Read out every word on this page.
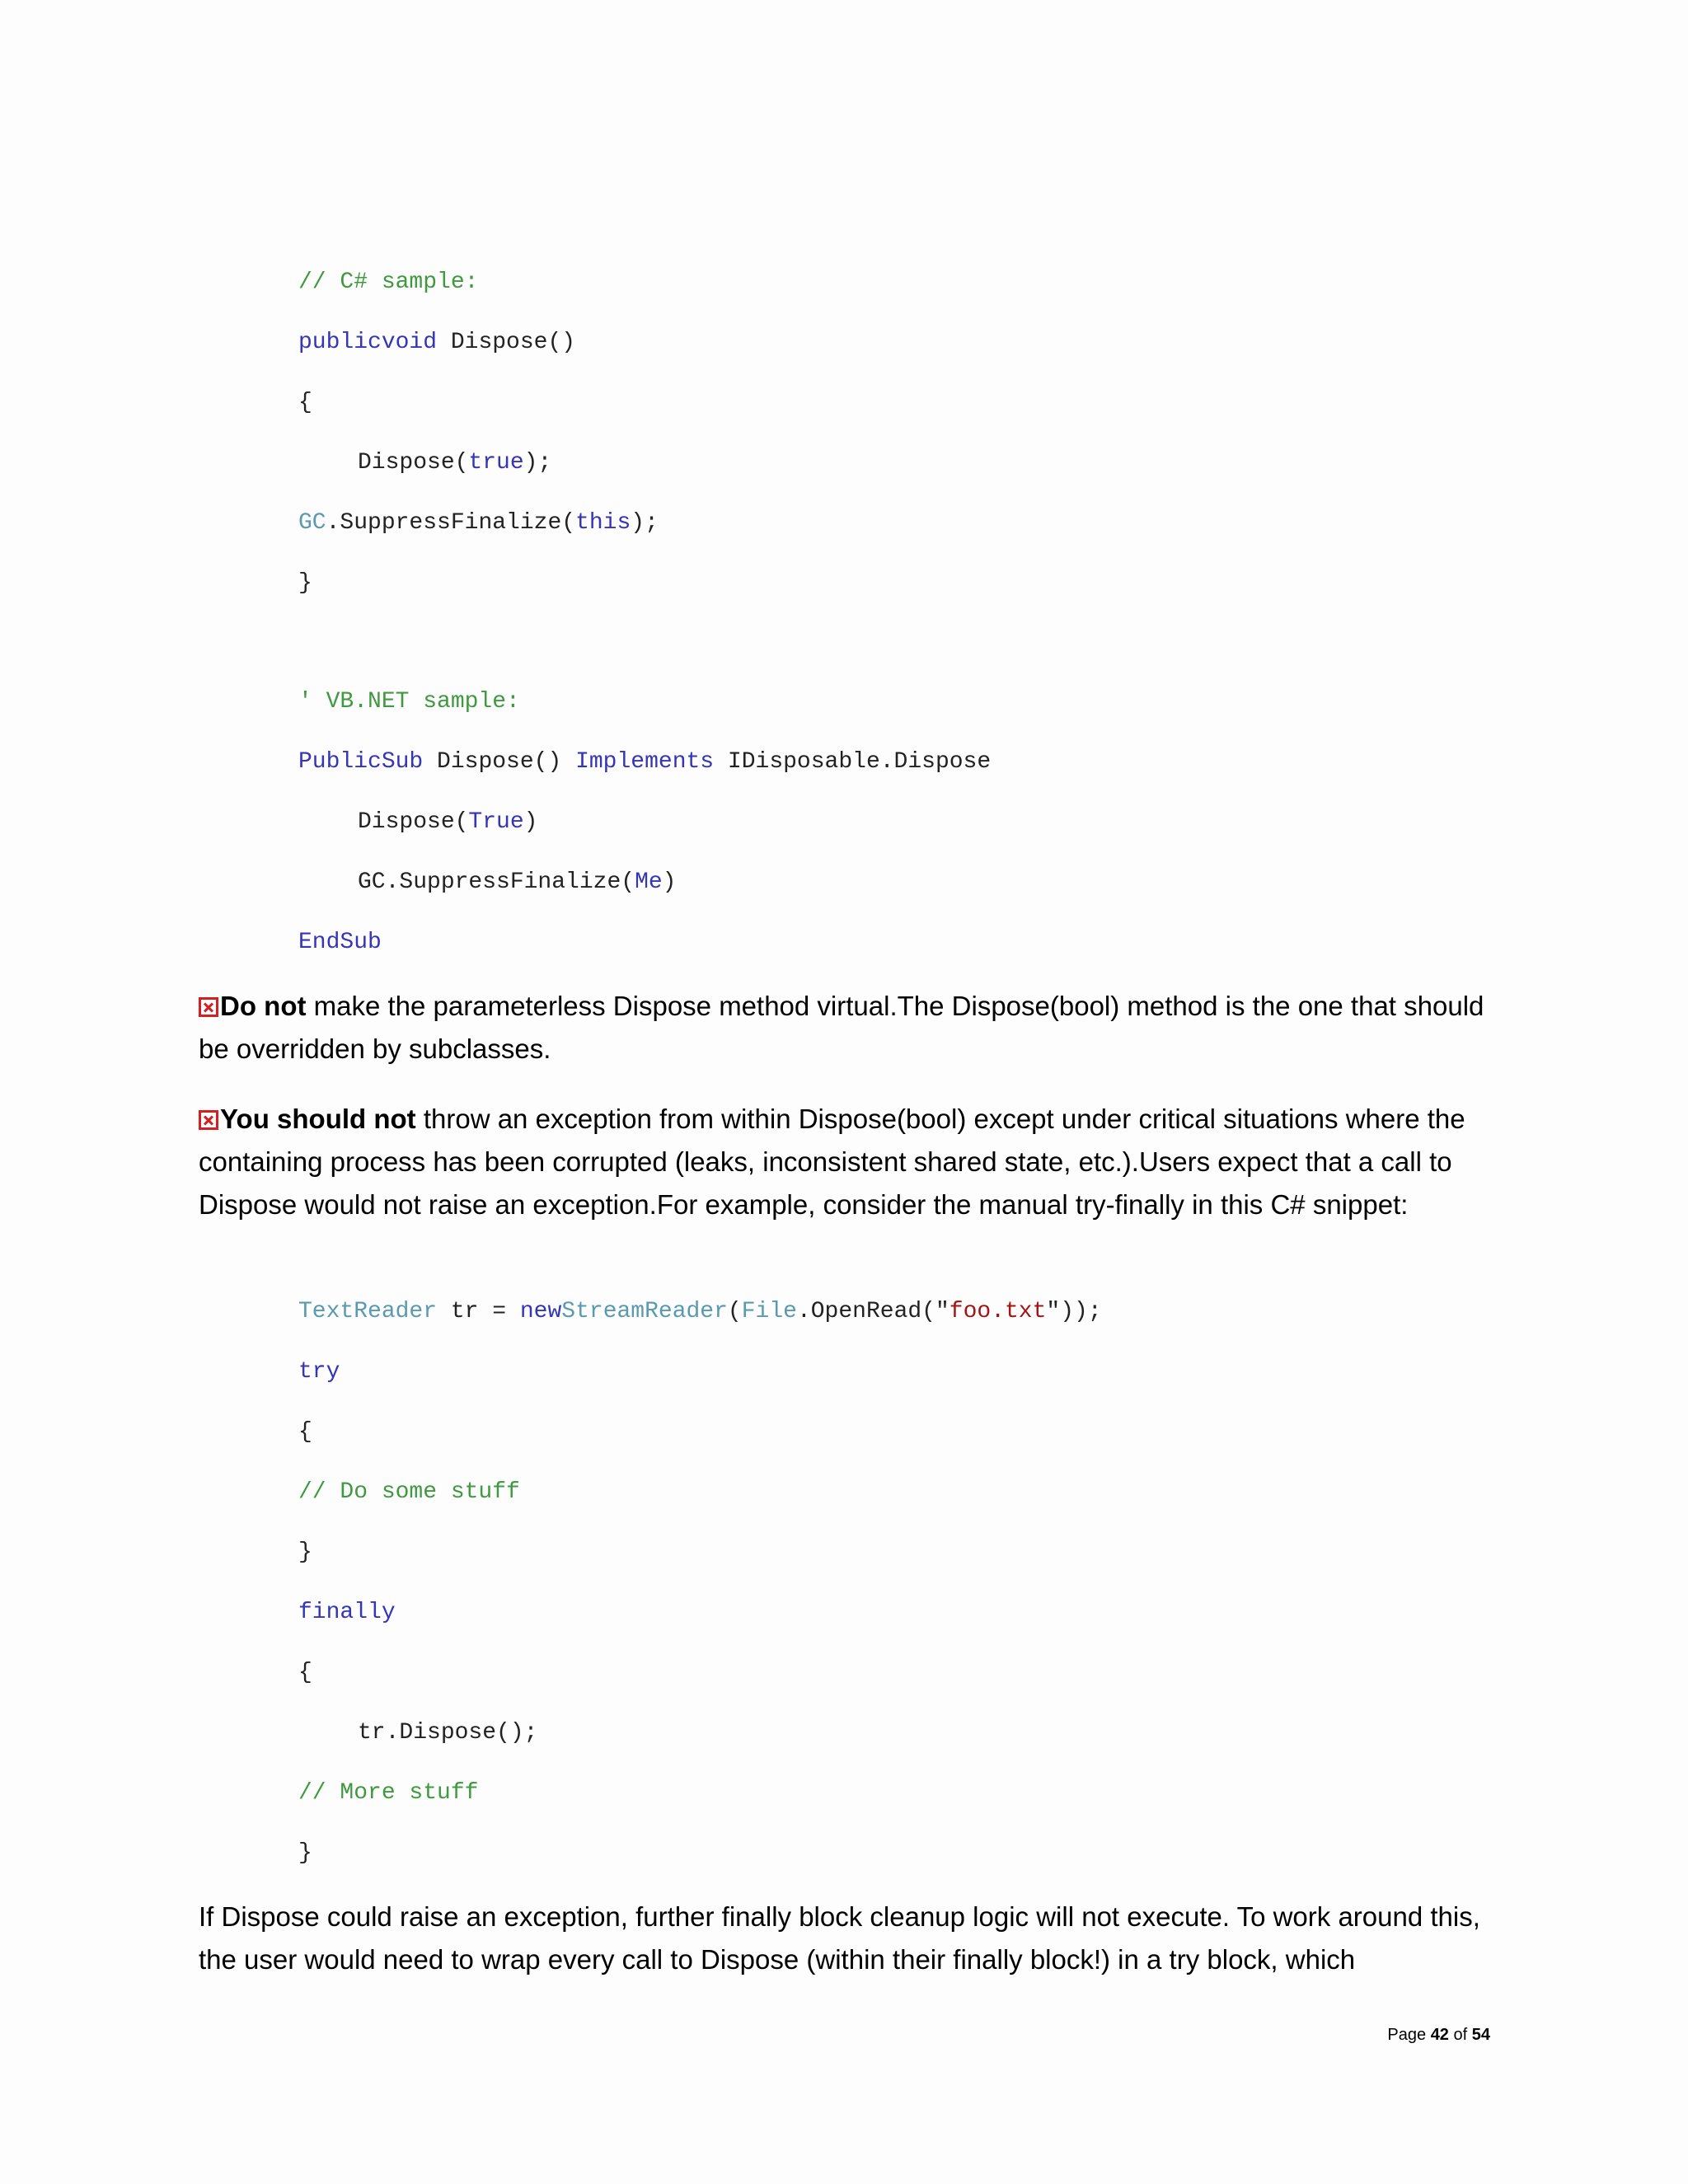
// C# sample:
publicvoid Dispose()
{
Dispose(true);
GC.SuppressFinalize(this);
}
' VB.NET sample:
PublicSub Dispose() Implements IDisposable.Dispose
Dispose(True)
GC.SuppressFinalize(Me)
EndSub
Do not make the parameterless Dispose method virtual.The Dispose(bool) method is the one that should be overridden by subclasses.
You should not throw an exception from within Dispose(bool) except under critical situations where the containing process has been corrupted (leaks, inconsistent shared state, etc.).Users expect that a call to Dispose would not raise an exception.For example, consider the manual try-finally in this C# snippet:
TextReader tr = newStreamReader(File.OpenRead("foo.txt"));
try
{
// Do some stuff
}
finally
{
tr.Dispose();
// More stuff
}
If Dispose could raise an exception, further finally block cleanup logic will not execute. To work around this, the user would need to wrap every call to Dispose (within their finally block!) in a try block, which
Page 42 of 54
